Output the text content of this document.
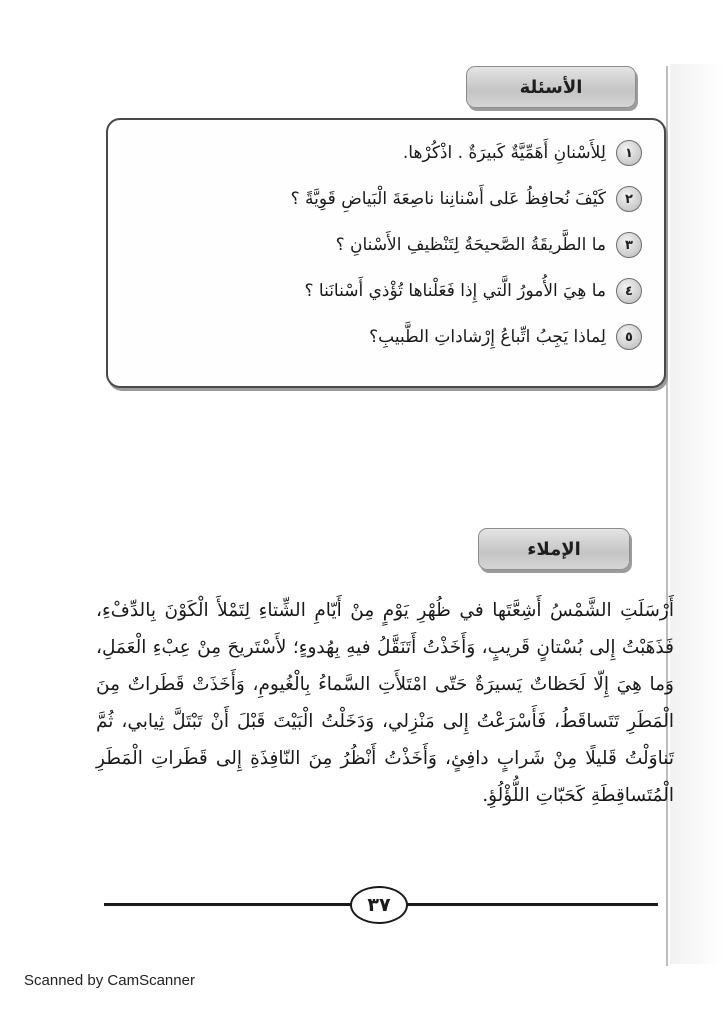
الأسئلة
١
لِلأَسْنانِ أَهَمِّيَّةٌ كَبيرَةٌ . اذْكُرْها.
٢
كَيْفَ نُحافِظُ عَلى أَسْنانِنا ناصِعَةَ الْبَياضِ قَوِيَّةً ؟
٣
ما الطَّريقَةُ الصَّحيحَةُ لِتَنْظيفِ الأَسْنانِ ؟
٤
ما هِيَ الأُمورُ الَّتي إِذا فَعَلْناها تُؤْذي أَسْنانَنا ؟
٥
لِماذا يَجِبُ اتِّباعُ إِرْشاداتِ الطَّبيبِ؟
الإملاء

أَرْسَلَتِ الشَّمْسُ أَشِعَّتَها في ظُهْرِ يَوْمٍ مِنْ أَيّامِ الشِّتاءِ لِتَمْلأَ الْكَوْنَ بِالدِّفْءِ، فَذَهَبْتُ إِلى بُسْتانٍ قَريبٍ، وَأَخَذْتُ أَتَنَقَّلُ فيهِ بِهُدوءٍ؛ لأَسْتَريحَ مِنْ عِبْءِ الْعَمَلِ، وَما هِيَ إِلّا لَحَظاتٌ يَسيرَةٌ حَتّى امْتَلأَتِ السَّماءُ بِالْغُيومِ، وَأَخَذَتْ قَطَراتٌ مِنَ الْمَطَرِ تَتَساقَطُ، فَأَسْرَعْتُ إِلى مَنْزِلي، وَدَخَلْتُ الْبَيْتَ قَبْلَ أَنْ تَبْتَلَّ ثِيابي، ثُمَّ تَناوَلْتُ قَليلًا مِنْ شَرابٍ دافِئٍ، وَأَخَذْتُ أَنْظُرُ مِنَ النّافِذَةِ إِلى قَطَراتِ الْمَطَرِ الْمُتَساقِطَةِ كَحَبّاتِ اللُّؤْلُؤِ.

٣٧
Scanned by CamScanner
